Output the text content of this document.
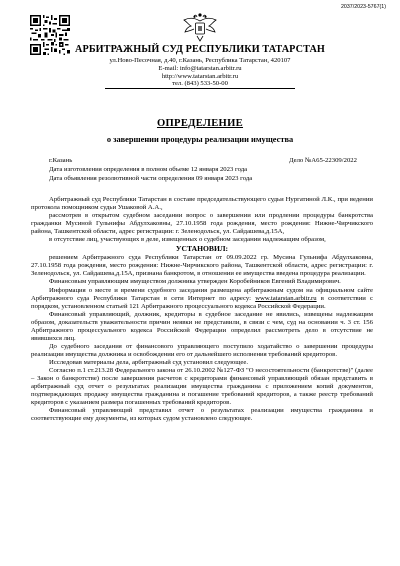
2037/2023-5767(1)
АРБИТРАЖНЫЙ СУД РЕСПУБЛИКИ ТАТАРСТАН
ул.Ново-Песочная, д.40, г.Казань, Республика Татарстан, 420107
E-mail: info@tatarstan.arbitr.ru
http://www.tatarstan.arbitr.ru
тел. (843) 533-50-00
ОПРЕДЕЛЕНИЕ
о завершении процедуры реализации имущества
г.Казань	Дело №А65-22309/2022
Дата изготовления определения в полном объеме 12 января 2023 года
Дата объявления резолютивной части определения 09 января 2023 года

Арбитражный суд Республики Татарстан в составе председательствующего судьи Нургатиной Л.К., при ведении протокола помощником судьи Ушаковой А.А.,

рассмотрев в открытом судебном заседании вопрос о завершении или продлении процедуры банкротства гражданки Мусиной Гульнифы Абдулхаковны, 27.10.1958 года рождения, место рождения: Нижне-Чирчикского района, Ташкентской области, адрес регистрации: г. Зеленодольск, ул. Сайдашева,д.15А,

в отсутствие лиц, участвующих в деле, извещенных о судебном заседании надлежащим образом,

УСТАНОВИЛ:

решением Арбитражного суда Республики Татарстан от 09.09.2022 гр. Мусина Гульнифа Абдулхаковна, 27.10.1958 года рождения, место рождения: Нижне-Чирчикского района, Ташкентской области, адрес регистрации: г. Зеленодольск, ул. Сайдашева,д.15А, признана банкротом, в отношении ее имущества введена процедура реализации.

Финансовым управляющим имуществом должника утвержден Коробейников Евгений Владимирович.

Информация о месте и времени судебного заседания размещена арбитражным судом на официальном сайте Арбитражного суда Республики Татарстан в сети Интернет по адресу: www.tatarstan.arbitr.ru в соответствии с порядком, установленном статьей 121 Арбитражного процессуального кодекса Российской Федерации.

Финансовый управляющий, должник, кредиторы в судебное заседание не явились, извещены надлежащим образом, доказательств уважительности причин неявки не представили, в связи с чем, суд на основании ч. 3 ст. 156 Арбитражного процессуального кодекса Российской Федерации определил рассмотреть дело в отсутствие не явившихся лиц.

До судебного заседания от финансового управляющего поступило ходатайство о завершении процедуры реализации имущества должника и освобождении его от дальнейшего исполнения требований кредиторов.

Исследовав материалы дела, арбитражный суд установил следующее.

Согласно п.1 ст.213.28 Федерального закона от 26.10.2002 №127-ФЗ "О несостоятельности (банкротстве)" (далее – Закон о банкротстве) после завершения расчетов с кредиторами финансовый управляющий обязан представить в арбитражный суд отчет о результатах реализации имущества гражданина с приложением копий документов, подтверждающих продажу имущества гражданина и погашение требований кредиторов, а также реестр требований кредиторов с указанием размера погашенных требований кредиторов.

Финансовый управляющий представил отчет о результатах реализации имущества гражданина и соответствующие ему документы, из которых судом установлено следующее.
